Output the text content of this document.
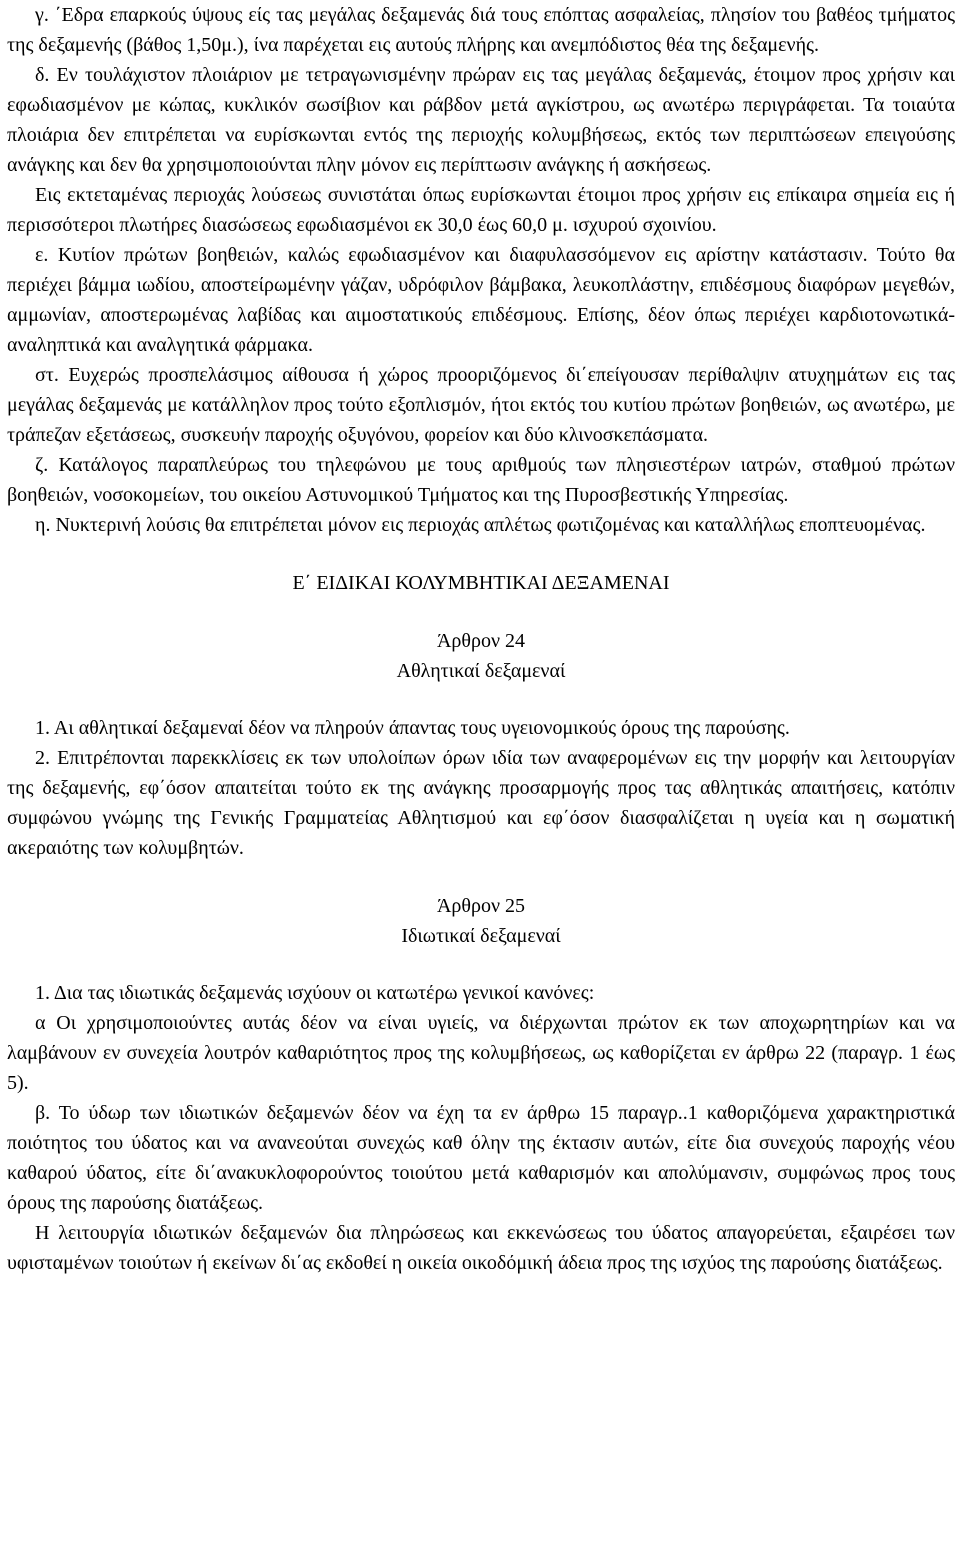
γ. ΄Εδρα επαρκούς ύψους είς τας μεγάλας δεξαμενάς διά τους επόπτας ασφαλείας, πλησίον του βαθέος τμήματος της δεξαμενής (βάθος 1,50μ.), ίνα παρέχεται εις αυτούς πλήρης και ανεμπόδιστος θέα της δεξαμενής.

δ. Εν τουλάχιστον πλοιάριον με τετραγωνισμένην πρώραν εις τας μεγάλας δεξαμενάς, έτοιμον προς χρήσιν και εφωδιασμένον με κώπας, κυκλικόν σωσίβιον και ράβδον μετά αγκίστρου, ως ανωτέρω περιγράφεται. Τα τοιαύτα πλοιάρια δεν επιτρέπεται να ευρίσκωνται εντός της περιοχής κολυμβήσεως, εκτός των περιπτώσεων επειγούσης ανάγκης και δεν θα χρησιμοποιούνται πλην μόνον εις περίπτωσιν ανάγκης ή ασκήσεως.

Εις εκτεταμένας περιοχάς λούσεως συνιστάται όπως ευρίσκωνται έτοιμοι προς χρήσιν εις επίκαιρα σημεία εις ή περισσότεροι πλωτήρες διασώσεως εφωδιασμένοι εκ 30,0 έως 60,0 μ. ισχυρού σχοινίου.

ε. Κυτίον πρώτων βοηθειών, καλώς εφωδιασμένον και διαφυλασσόμενον εις αρίστην κατάστασιν. Τούτο θα περιέχει βάμμα ιωδίου, αποστείρωμένην γάζαν, υδρόφιλον βάμβακα, λευκοπλάστην, επιδέσμους διαφόρων μεγεθών, αμμωνίαν, αποστερωμένας λαβίδας και αιμοστατικούς επιδέσμους. Επίσης, δέον όπως περιέχει καρδιοτονωτικά-αναληπτικά και αναλγητικά φάρμακα.

στ. Ευχερώς προσπελάσιμος αίθουσα ή χώρος προοριζόμενος δι΄επείγουσαν περίθαλψιν ατυχημάτων εις τας μεγάλας δεξαμενάς με κατάλληλον προς τούτο εξοπλισμόν, ήτοι εκτός του κυτίου πρώτων βοηθειών, ως ανωτέρω, με τράπεζαν εξετάσεως, συσκευήν παροχής οξυγόνου, φορείον και δύο κλινοσκεπάσματα.

ζ. Κατάλογος παραπλεύρως του τηλεφώνου με τους αριθμούς των πλησιεστέρων ιατρών, σταθμού πρώτων βοηθειών, νοσοκομείων, του οικείου Αστυνομικού Τμήματος και της Πυροσβεστικής Υπηρεσίας.

η. Νυκτερινή λούσις θα επιτρέπεται μόνον εις περιοχάς απλέτως φωτιζομένας και καταλλήλως εποπτευομένας.

Ε΄ ΕΙΔΙΚΑΙ ΚΟΛΥΜΒΗΤΙΚΑΙ ΔΕΞΑΜΕΝΑΙ

Άρθρον 24

Αθλητικαί δεξαμεναί

1. Αι αθλητικαί δεξαμεναί δέον να πληρούν άπαντας τους υγειονομικούς όρους της παρούσης.

2. Επιτρέπονται παρεκκλίσεις εκ των υπολοίπων όρων ιδία των αναφερομένων εις την μορφήν και λειτουργίαν της δεξαμενής, εφ΄όσον απαιτείται τούτο εκ της ανάγκης προσαρμογής προς τας αθλητικάς απαιτήσεις, κατόπιν συμφώνου γνώμης της Γενικής Γραμματείας Αθλητισμού και εφ΄όσον διασφαλίζεται η υγεία και η σωματική ακεραιότης των κολυμβητών.

Άρθρον 25

Ιδιωτικαί δεξαμεναί

1. Δια τας ιδιωτικάς δεξαμενάς ισχύουν οι κατωτέρω γενικοί κανόνες:

α Οι χρησιμοποιούντες αυτάς δέον να είναι υγιείς, να διέρχωνται πρώτον εκ των αποχωρητηρίων και να λαμβάνουν εν συνεχεία λουτρόν καθαριότητος προς της κολυμβήσεως, ως καθορίζεται εν άρθρω 22 (παραγρ. 1 έως 5).

β. Το ύδωρ των ιδιωτικών δεξαμενών δέον να έχη τα εν άρθρω 15 παραγρ..1 καθοριζόμενα χαρακτηριστικά ποιότητος του ύδατος και να ανανεούται συνεχώς καθ όλην της έκτασιν αυτών, είτε δια συνεχούς παροχής νέου καθαρού ύδατος, είτε δι΄ανακυκλοφορούντος τοιούτου μετά καθαρισμόν και απολύμανσιν, συμφώνως προς τους όρους της παρούσης διατάξεως.

Η λειτουργία ιδιωτικών δεξαμενών δια πληρώσεως και εκκενώσεως του ύδατος απαγορεύεται, εξαιρέσει των υφισταμένων τοιούτων ή εκείνων δι΄ας εκδοθεί η οικεία οικοδόμική άδεια προς της ισχύος της παρούσης διατάξεως.
